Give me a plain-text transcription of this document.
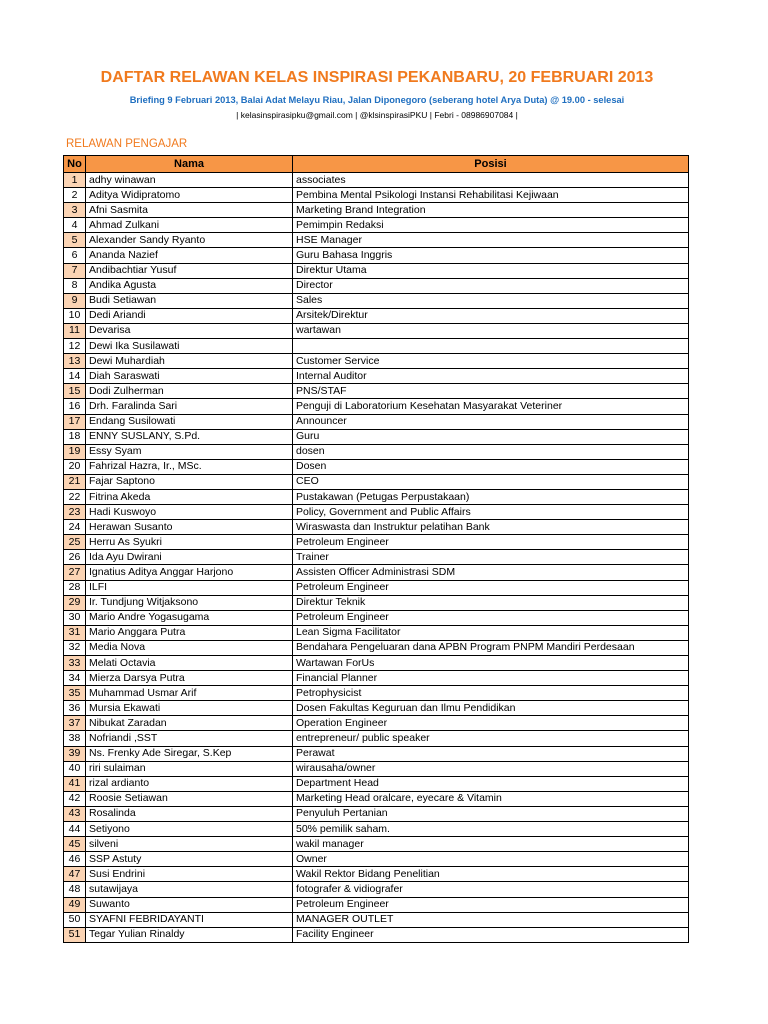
DAFTAR RELAWAN KELAS INSPIRASI PEKANBARU, 20 FEBRUARI 2013
Briefing 9 Februari 2013, Balai Adat Melayu Riau, Jalan Diponegoro (seberang hotel Arya Duta) @ 19.00 - selesai
| kelasinspirasipku@gmail.com | @klsinspirasiPKU | Febri - 08986907084 |
RELAWAN PENGAJAR
No	Nama	Posisi
1	adhy winawan	associates
2	Aditya Widipratomo	Pembina Mental Psikologi Instansi Rehabilitasi Kejiwaan
3	Afni Sasmita	Marketing Brand Integration
4	Ahmad Zulkani	Pemimpin Redaksi
5	Alexander Sandy Ryanto	HSE Manager
6	Ananda Nazief	Guru Bahasa Inggris
7	Andibachtiar Yusuf	Direktur Utama
8	Andika Agusta	Director
9	Budi Setiawan	Sales
10	Dedi Ariandi	Arsitek/Direktur
11	Devarisa	wartawan
12	Dewi Ika Susilawati	
13	Dewi Muhardiah	Customer Service
14	Diah Saraswati	Internal Auditor
15	Dodi Zulherman	PNS/STAF
16	Drh. Faralinda Sari	Penguji di Laboratorium Kesehatan Masyarakat Veteriner
17	Endang Susilowati	Announcer
18	ENNY SUSLANY, S.Pd.	Guru
19	Essy Syam	dosen
20	Fahrizal Hazra, Ir., MSc.	Dosen
21	Fajar Saptono	CEO
22	Fitrina Akeda	Pustakawan (Petugas Perpustakaan)
23	Hadi Kuswoyo	Policy, Government and Public Affairs
24	Herawan Susanto	Wiraswasta dan Instruktur pelatihan Bank
25	Herru As Syukri	Petroleum Engineer
26	Ida Ayu Dwirani	Trainer
27	Ignatius Aditya Anggar Harjono	Assisten Officer Administrasi SDM
28	ILFI	Petroleum Engineer
29	Ir. Tundjung Witjaksono	Direktur Teknik
30	Mario Andre Yogasugama	Petroleum Engineer
31	Mario Anggara Putra	Lean Sigma Facilitator
32	Media Nova	Bendahara Pengeluaran dana APBN Program PNPM Mandiri Perdesaan
33	Melati Octavia	Wartawan ForUs
34	Mierza Darsya Putra	Financial Planner
35	Muhammad Usmar Arif	Petrophysicist
36	Mursia Ekawati	Dosen Fakultas Keguruan dan Ilmu Pendidikan
37	Nibukat Zaradan	Operation Engineer
38	Nofriandi ,SST	entrepreneur/ public speaker
39	Ns. Frenky Ade Siregar, S.Kep	Perawat
40	riri sulaiman	wirausaha/owner
41	rizal ardianto	Department Head
42	Roosie Setiawan	Marketing Head oralcare, eyecare & Vitamin
43	Rosalinda	Penyuluh Pertanian
44	Setiyono	50% pemilik saham.
45	silveni	wakil manager
46	SSP Astuty	Owner
47	Susi Endrini	Wakil Rektor Bidang Penelitian
48	sutawijaya	fotografer & vidiografer
49	Suwanto	Petroleum Engineer
50	SYAFNI FEBRIDAYANTI	MANAGER OUTLET
51	Tegar Yulian Rinaldy	Facility Engineer
